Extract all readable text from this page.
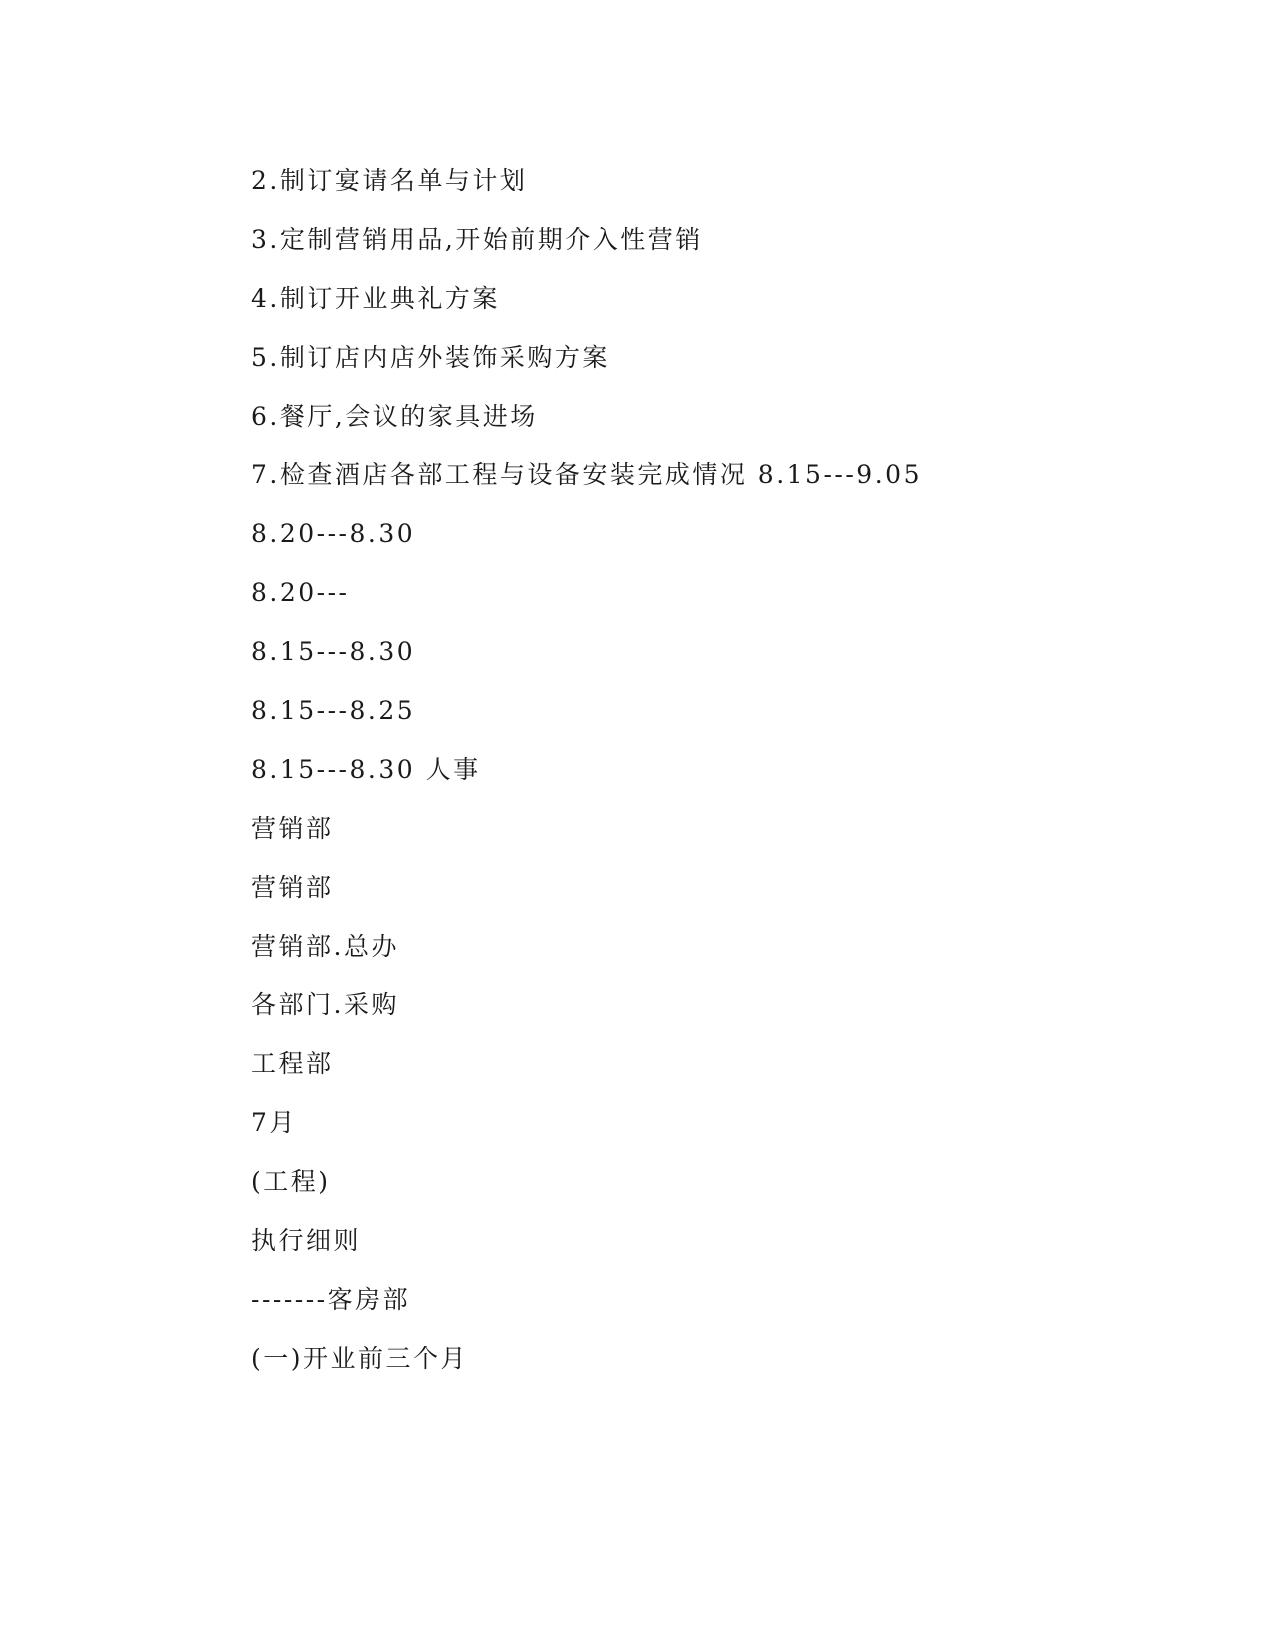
2.制订宴请名单与计划
3.定制营销用品,开始前期介入性营销
4.制订开业典礼方案
5.制订店内店外装饰采购方案
6.餐厅,会议的家具进场
7.检查酒店各部工程与设备安装完成情况 8.15---9.05
8.20---8.30
8.20---
8.15---8.30
8.15---8.25
8.15---8.30 人事
营销部
营销部
营销部.总办
各部门.采购
工程部
7月
(工程)
执行细则
-------客房部
(一)开业前三个月
